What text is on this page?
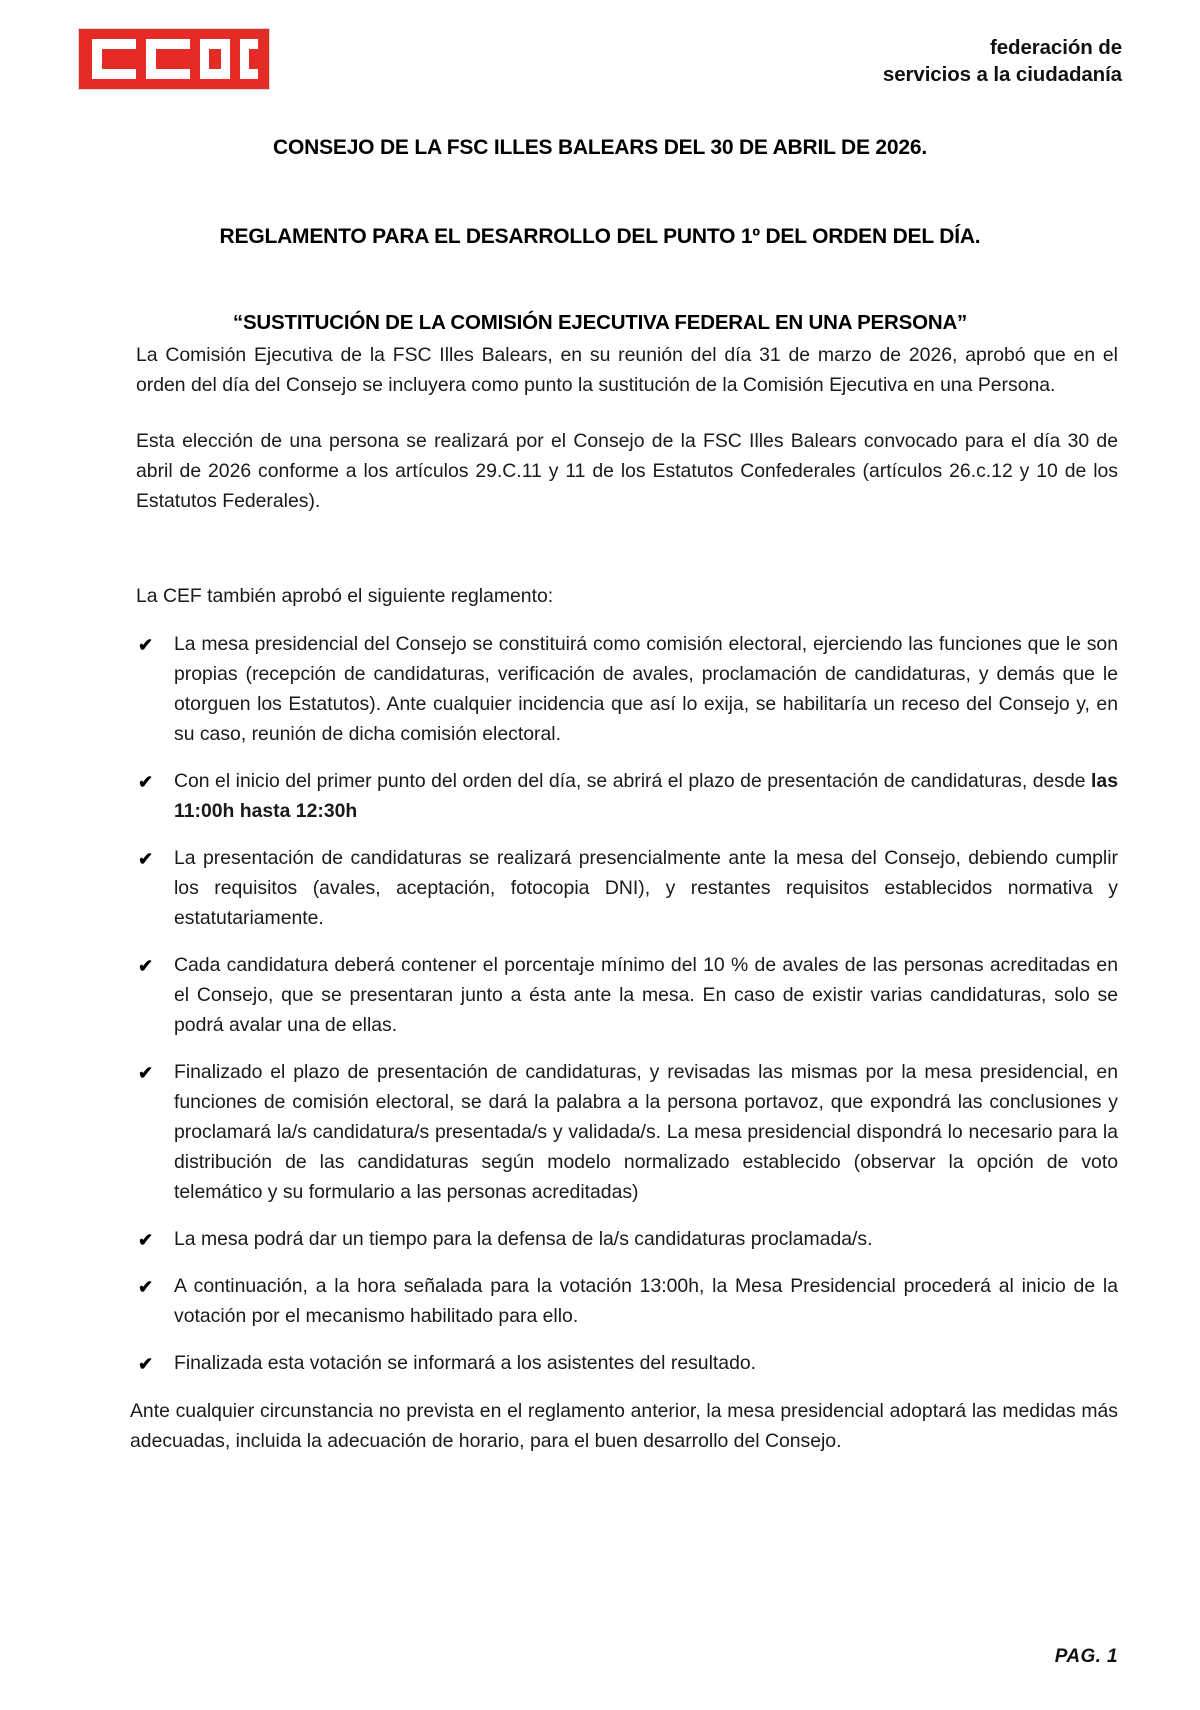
federación de
servicios a la ciudadanía
CONSEJO DE LA FSC ILLES BALEARS DEL 30 DE ABRIL DE 2026.
REGLAMENTO PARA EL DESARROLLO DEL PUNTO 1º DEL ORDEN DEL DÍA.
“SUSTITUCIÓN DE LA COMISIÓN EJECUTIVA FEDERAL EN UNA PERSONA”

La Comisión Ejecutiva de la FSC Illes Balears, en su reunión del día 31 de marzo de 2026, aprobó que en el orden del día del Consejo se incluyera como punto la sustitución de la Comisión Ejecutiva en una Persona.

Esta elección de una persona se realizará por el Consejo de la FSC Illes Balears convocado para el día 30 de abril de 2026 conforme a los artículos 29.C.11 y 11 de los Estatutos Confederales (artículos 26.c.12 y 10 de los Estatutos Federales).

La CEF también aprobó el siguiente reglamento:
✔ La mesa presidencial del Consejo se constituirá como comisión electoral, ejerciendo las funciones que le son propias (recepción de candidaturas, verificación de avales, proclamación de candidaturas, y demás que le otorguen los Estatutos). Ante cualquier incidencia que así lo exija, se habilitaría un receso del Consejo y, en su caso, reunión de dicha comisión electoral.
✔ Con el inicio del primer punto del orden del día, se abrirá el plazo de presentación de candidaturas, desde las 11:00h hasta 12:30h
✔ La presentación de candidaturas se realizará presencialmente ante la mesa del Consejo, debiendo cumplir los requisitos (avales, aceptación, fotocopia DNI), y restantes requisitos establecidos normativa y estatutariamente.
✔ Cada candidatura deberá contener el porcentaje mínimo del 10 % de avales de las personas acreditadas en el Consejo, que se presentaran junto a ésta ante la mesa. En caso de existir varias candidaturas, solo se podrá avalar una de ellas.
✔ Finalizado el plazo de presentación de candidaturas, y revisadas las mismas por la mesa presidencial, en funciones de comisión electoral, se dará la palabra a la persona portavoz, que expondrá las conclusiones y proclamará la/s candidatura/s presentada/s y validada/s. La mesa presidencial dispondrá lo necesario para la distribución de las candidaturas según modelo normalizado establecido (observar la opción de voto telemático y su formulario a las personas acreditadas)
✔ La mesa podrá dar un tiempo para la defensa de la/s candidaturas proclamada/s.
✔ A continuación, a la hora señalada para la votación 13:00h, la Mesa Presidencial procederá al inicio de la votación por el mecanismo habilitado para ello.
✔ Finalizada esta votación se informará a los asistentes del resultado.

Ante cualquier circunstancia no prevista en el reglamento anterior, la mesa presidencial adoptará las medidas más adecuadas, incluida la adecuación de horario, para el buen desarrollo del Consejo.

PAG. 1
